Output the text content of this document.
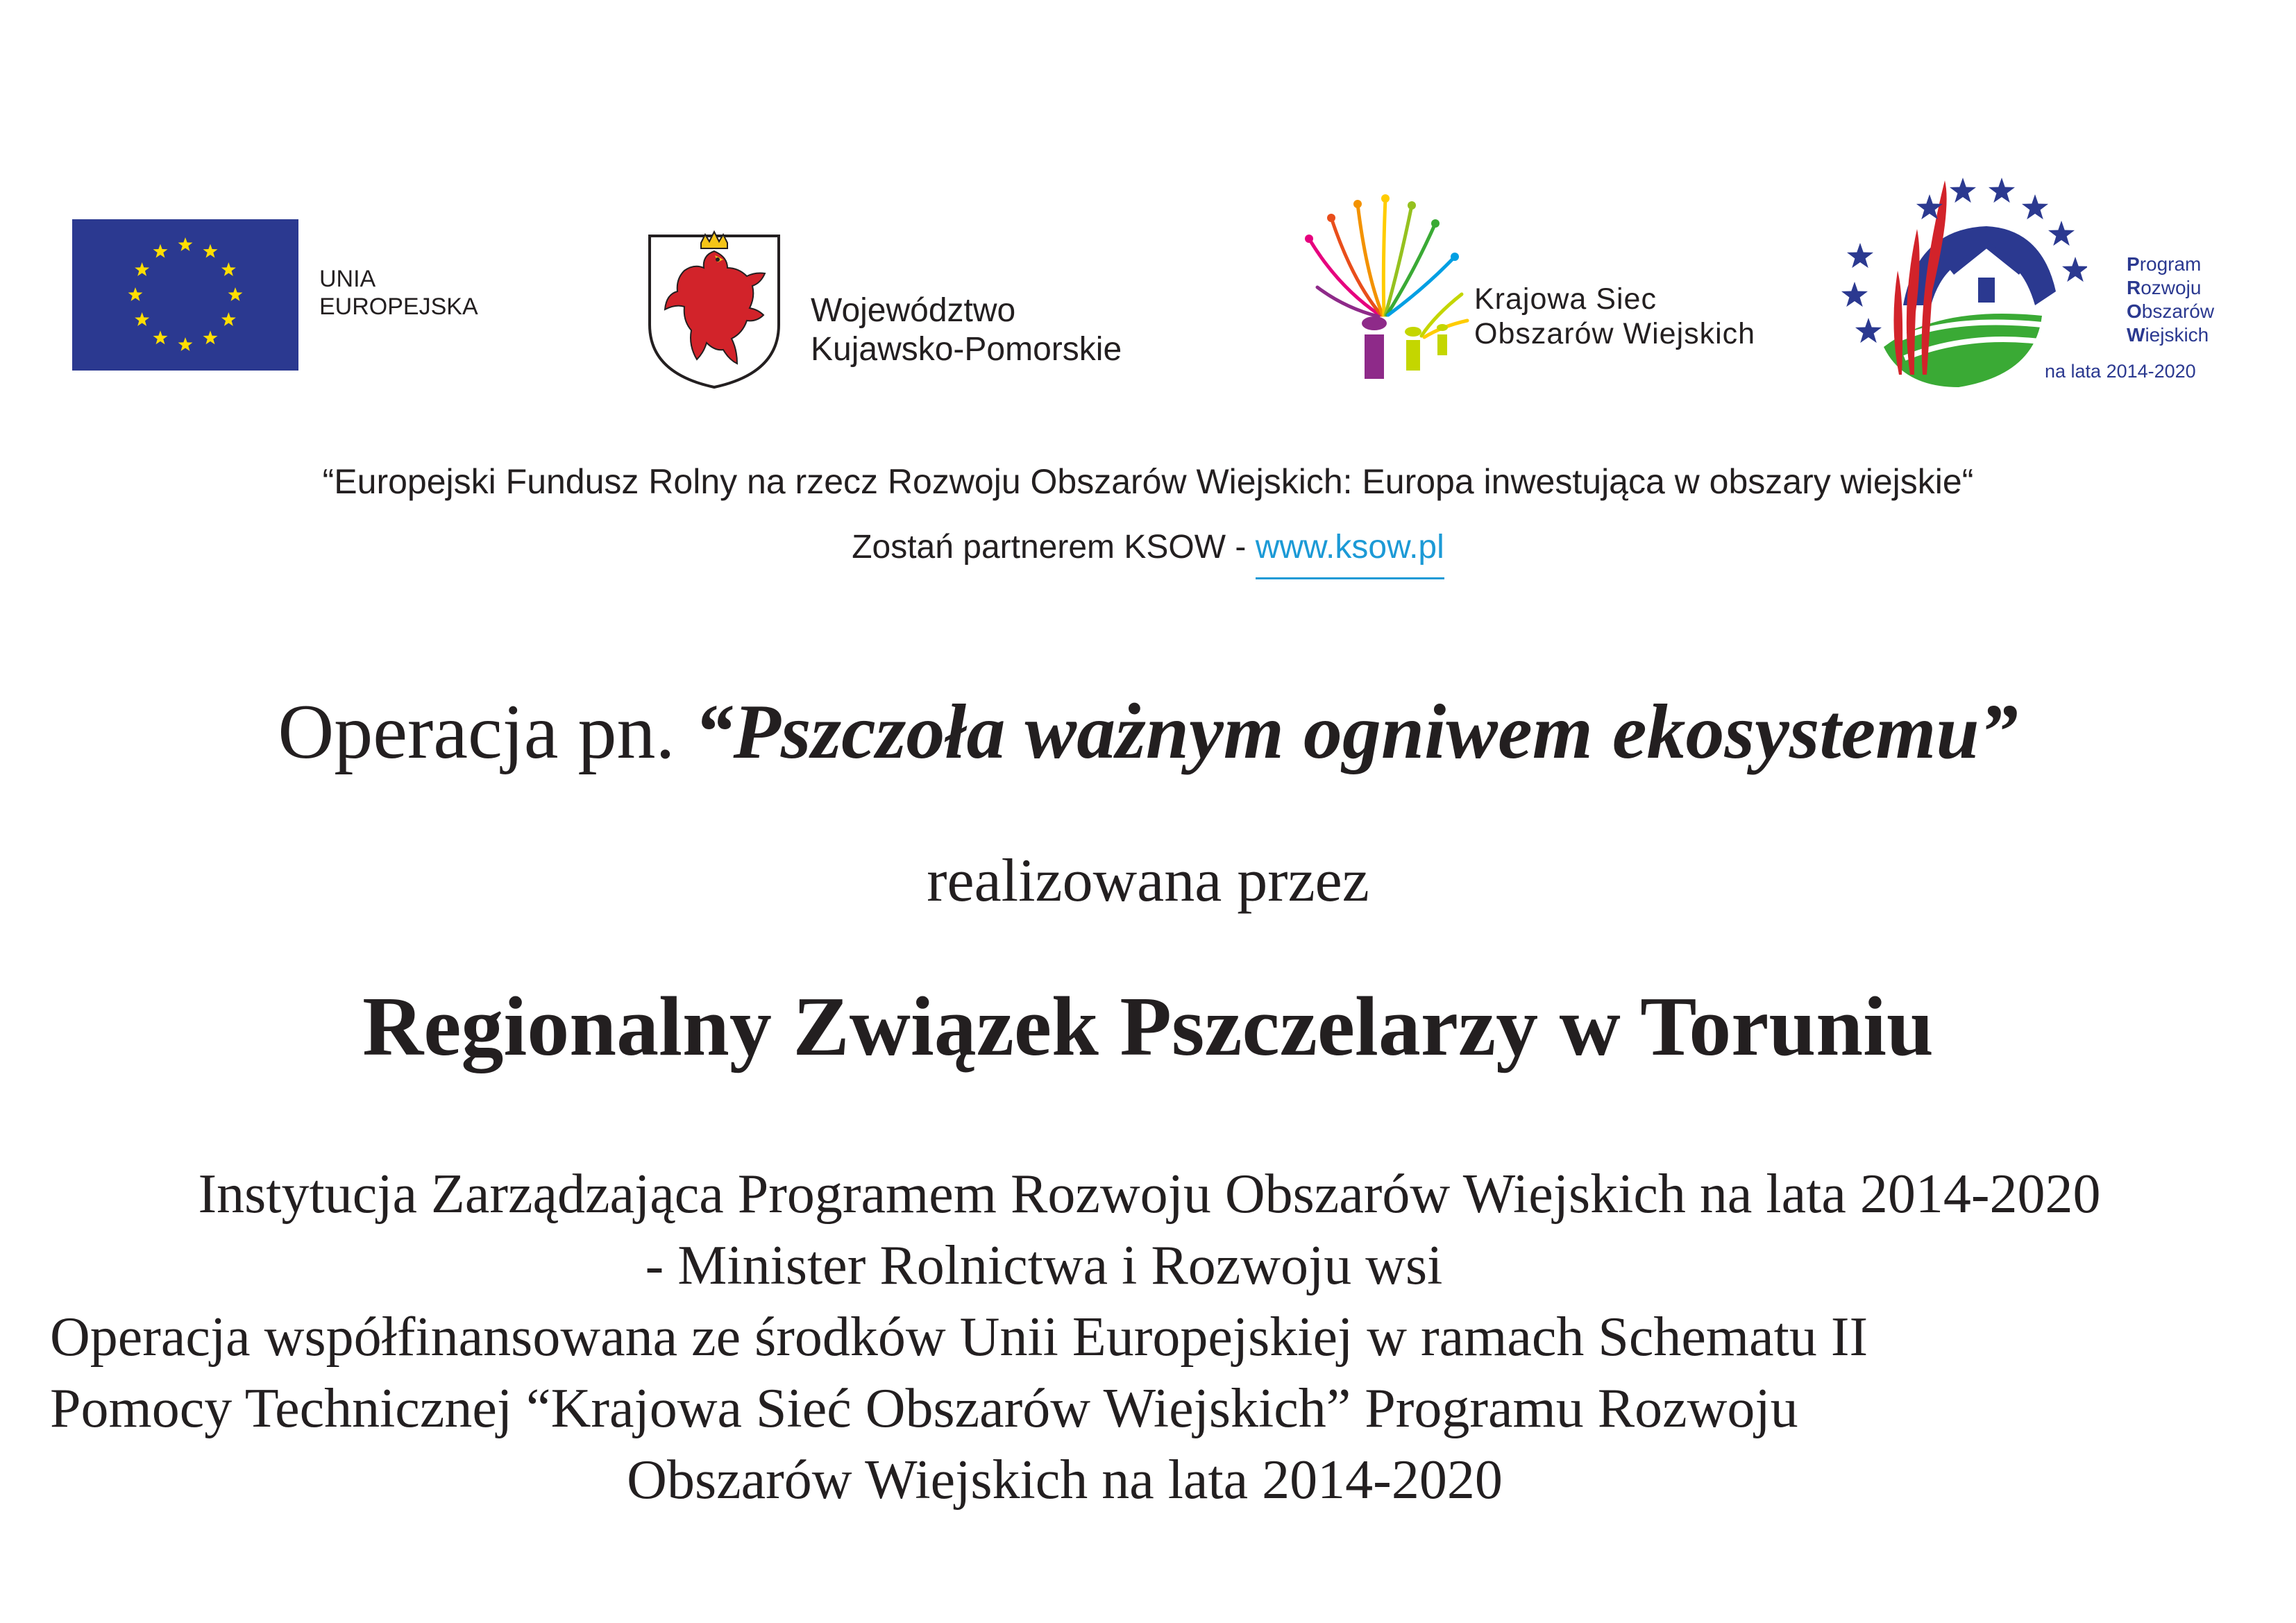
UNIA
EUROPEJSKA	Województwo
Kujawsko-Pomorskie
Krajowa Siec
Obszarów Wiejskich
Program
Rozwoju
Obszarów
Wiejskich
na lata 2014-2020
“Europejski Fundusz Rolny na rzecz Rozwoju Obszarów Wiejskich: Europa inwestująca w obszary wiejskie“
Zostań partnerem KSOW - www.ksow.pl
Operacja pn. “Pszczoła ważnym ogniwem ekosystemu”
realizowana przez
Regionalny Związek Pszczelarzy w Toruniu
Instytucja Zarządzająca Programem Rozwoju Obszarów Wiejskich na lata 2014-2020
- Minister Rolnictwa i Rozwoju wsi
Operacja współfinansowana ze środków Unii Europejskiej w ramach Schematu II
Pomocy Technicznej “Krajowa Sieć Obszarów Wiejskich” Programu Rozwoju
Obszarów Wiejskich na lata 2014-2020
